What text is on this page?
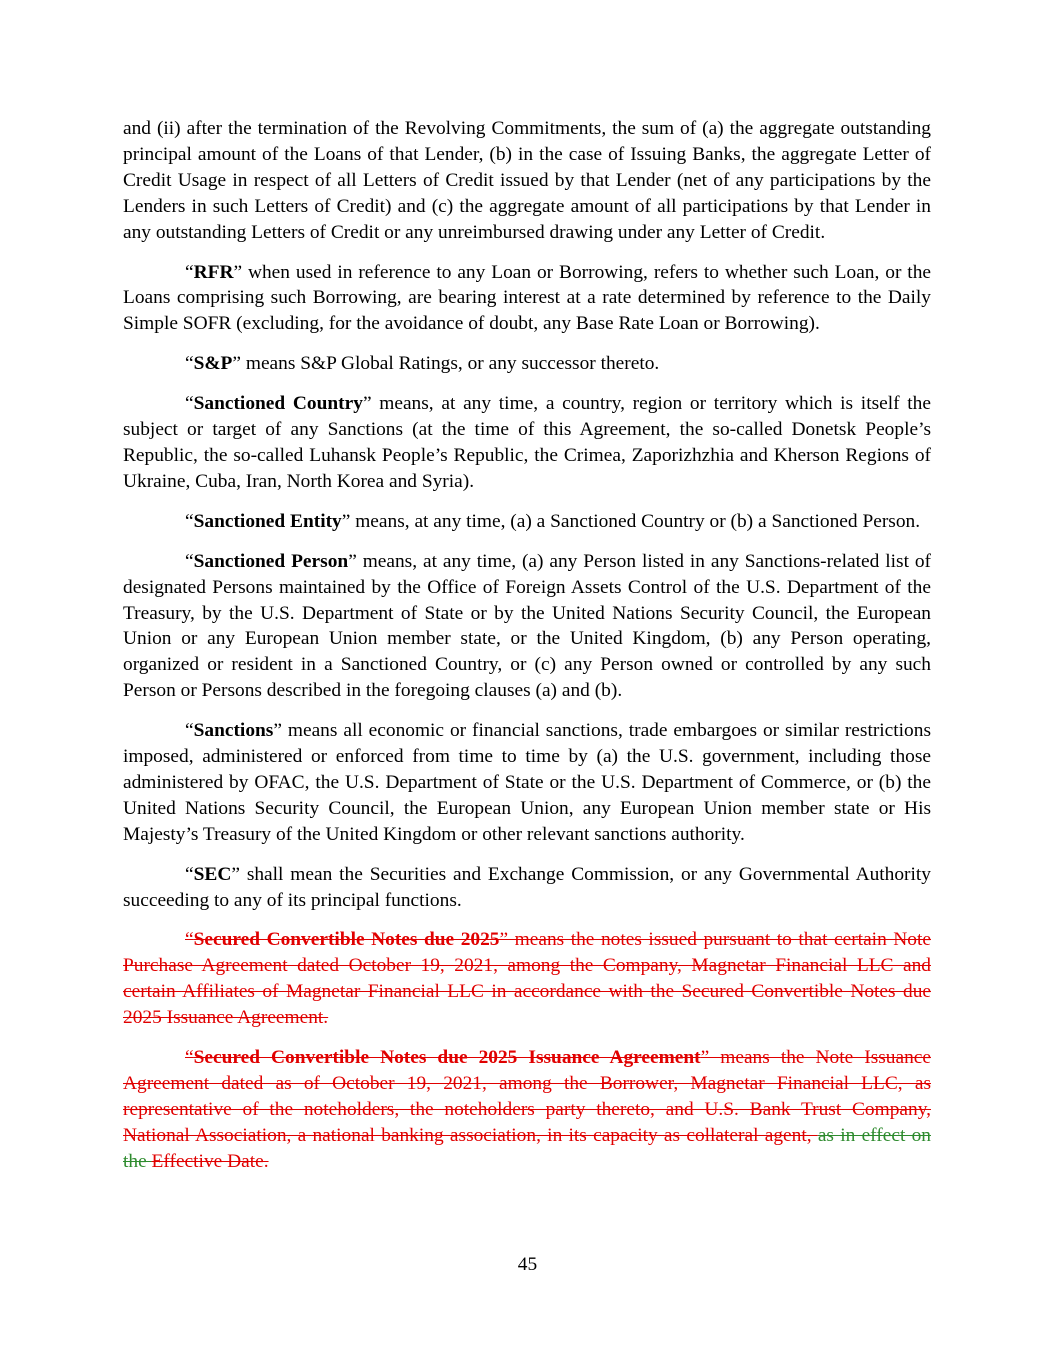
and (ii) after the termination of the Revolving Commitments, the sum of (a) the aggregate outstanding principal amount of the Loans of that Lender, (b) in the case of Issuing Banks, the aggregate Letter of Credit Usage in respect of all Letters of Credit issued by that Lender (net of any participations by the Lenders in such Letters of Credit) and (c) the aggregate amount of all participations by that Lender in any outstanding Letters of Credit or any unreimbursed drawing under any Letter of Credit.

“RFR” when used in reference to any Loan or Borrowing, refers to whether such Loan, or the Loans comprising such Borrowing, are bearing interest at a rate determined by reference to the Daily Simple SOFR (excluding, for the avoidance of doubt, any Base Rate Loan or Borrowing).

“S&P” means S&P Global Ratings, or any successor thereto.

“Sanctioned Country” means, at any time, a country, region or territory which is itself the subject or target of any Sanctions (at the time of this Agreement, the so-called Donetsk People’s Republic, the so-called Luhansk People’s Republic, the Crimea, Zaporizhzhia and Kherson Regions of Ukraine, Cuba, Iran, North Korea and Syria).

“Sanctioned Entity” means, at any time, (a) a Sanctioned Country or (b) a Sanctioned Person.

“Sanctioned Person” means, at any time, (a) any Person listed in any Sanctions-related list of designated Persons maintained by the Office of Foreign Assets Control of the U.S. Department of the Treasury, by the U.S. Department of State or by the United Nations Security Council, the European Union or any European Union member state, or the United Kingdom, (b) any Person operating, organized or resident in a Sanctioned Country, or (c) any Person owned or controlled by any such Person or Persons described in the foregoing clauses (a) and (b).

“Sanctions” means all economic or financial sanctions, trade embargoes or similar restrictions imposed, administered or enforced from time to time by (a) the U.S. government, including those administered by OFAC, the U.S. Department of State or the U.S. Department of Commerce, or (b) the United Nations Security Council, the European Union, any European Union member state or His Majesty’s Treasury of the United Kingdom or other relevant sanctions authority.

“SEC” shall mean the Securities and Exchange Commission, or any Governmental Authority succeeding to any of its principal functions.

“Secured Convertible Notes due 2025” means the notes issued pursuant to that certain Note Purchase Agreement dated October 19, 2021, among the Company, Magnetar Financial LLC and certain Affiliates of Magnetar Financial LLC in accordance with the Secured Convertible Notes due 2025 Issuance Agreement.

“Secured Convertible Notes due 2025 Issuance Agreement” means the Note Issuance Agreement dated as of October 19, 2021, among the Borrower, Magnetar Financial LLC, as representative of the noteholders, the noteholders party thereto, and U.S. Bank Trust Company, National Association, a national banking association, in its capacity as collateral agent, as in effect on the Effective Date.

45
